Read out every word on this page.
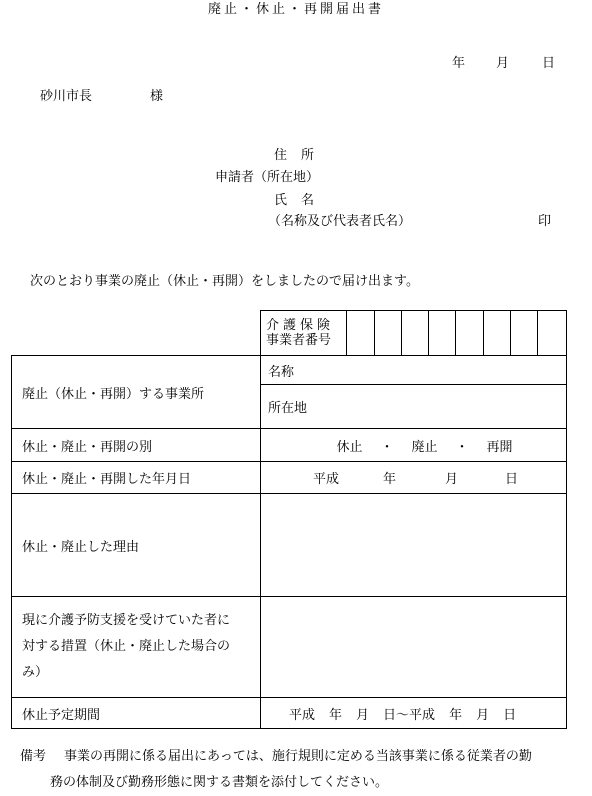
廃止・休止・再開届出書
年 月	日
砂川市長	様
住所
申請者（所在地）
氏名
（名称及び代表者氏名）	印
次のとおり事業の廃止（休止・再開）をしましたので届け出ます。
介護保険
事業者番号
廃止（休止・再開）する事業所
名称
所在地
休止・廃止・再開の別	休止 ・ 廃止 ・ 再開
休止・廃止・再開した年月日	平成	年	月	日
休止・廃止した理由
現に介護予防支援を受けていた者に
対する措置（休止・廃止した場合の
み）
休止予定期間	平成 年 月 日～平成 年 月 日
備考 事業の再開に係る届出にあっては、施行規則に定める当該事業に係る従業者の勤
務の体制及び勤務形態に関する書類を添付してください。
